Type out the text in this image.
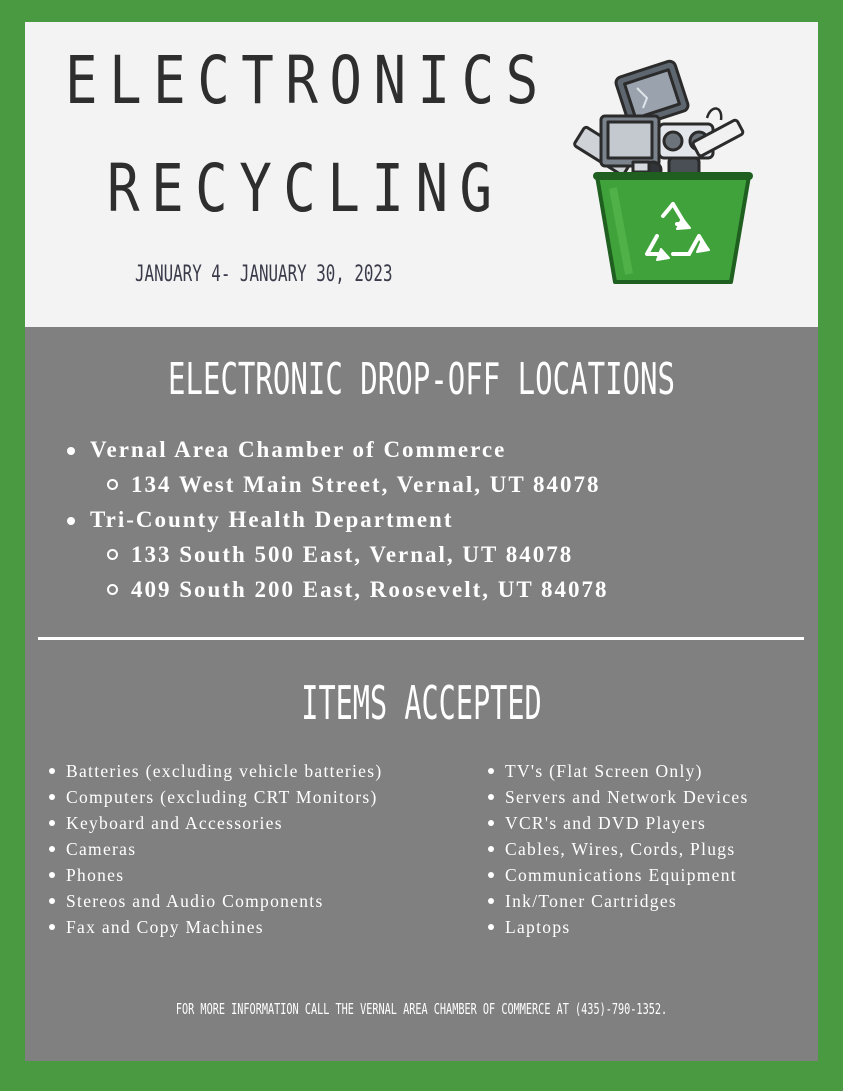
ELECTRONICS
RECYCLING
JANUARY 4- JANUARY 30, 2023
ELECTRONIC DROP-OFF LOCATIONS
Vernal Area Chamber of Commerce
134 West Main Street, Vernal, UT 84078
Tri-County Health Department
133 South 500 East, Vernal, UT 84078
409 South 200 East, Roosevelt, UT 84078
ITEMS ACCEPTED
Batteries (excluding vehicle batteries)
Computers (excluding CRT Monitors)
Keyboard and Accessories
Cameras
Phones
Stereos and Audio Components
Fax and Copy Machines
TV's (Flat Screen Only)
Servers and Network Devices
VCR's and DVD Players
Cables, Wires, Cords, Plugs
Communications Equipment
Ink/Toner Cartridges
Laptops
FOR MORE INFORMATION CALL THE VERNAL AREA CHAMBER OF COMMERCE AT (435)-790-1352.
